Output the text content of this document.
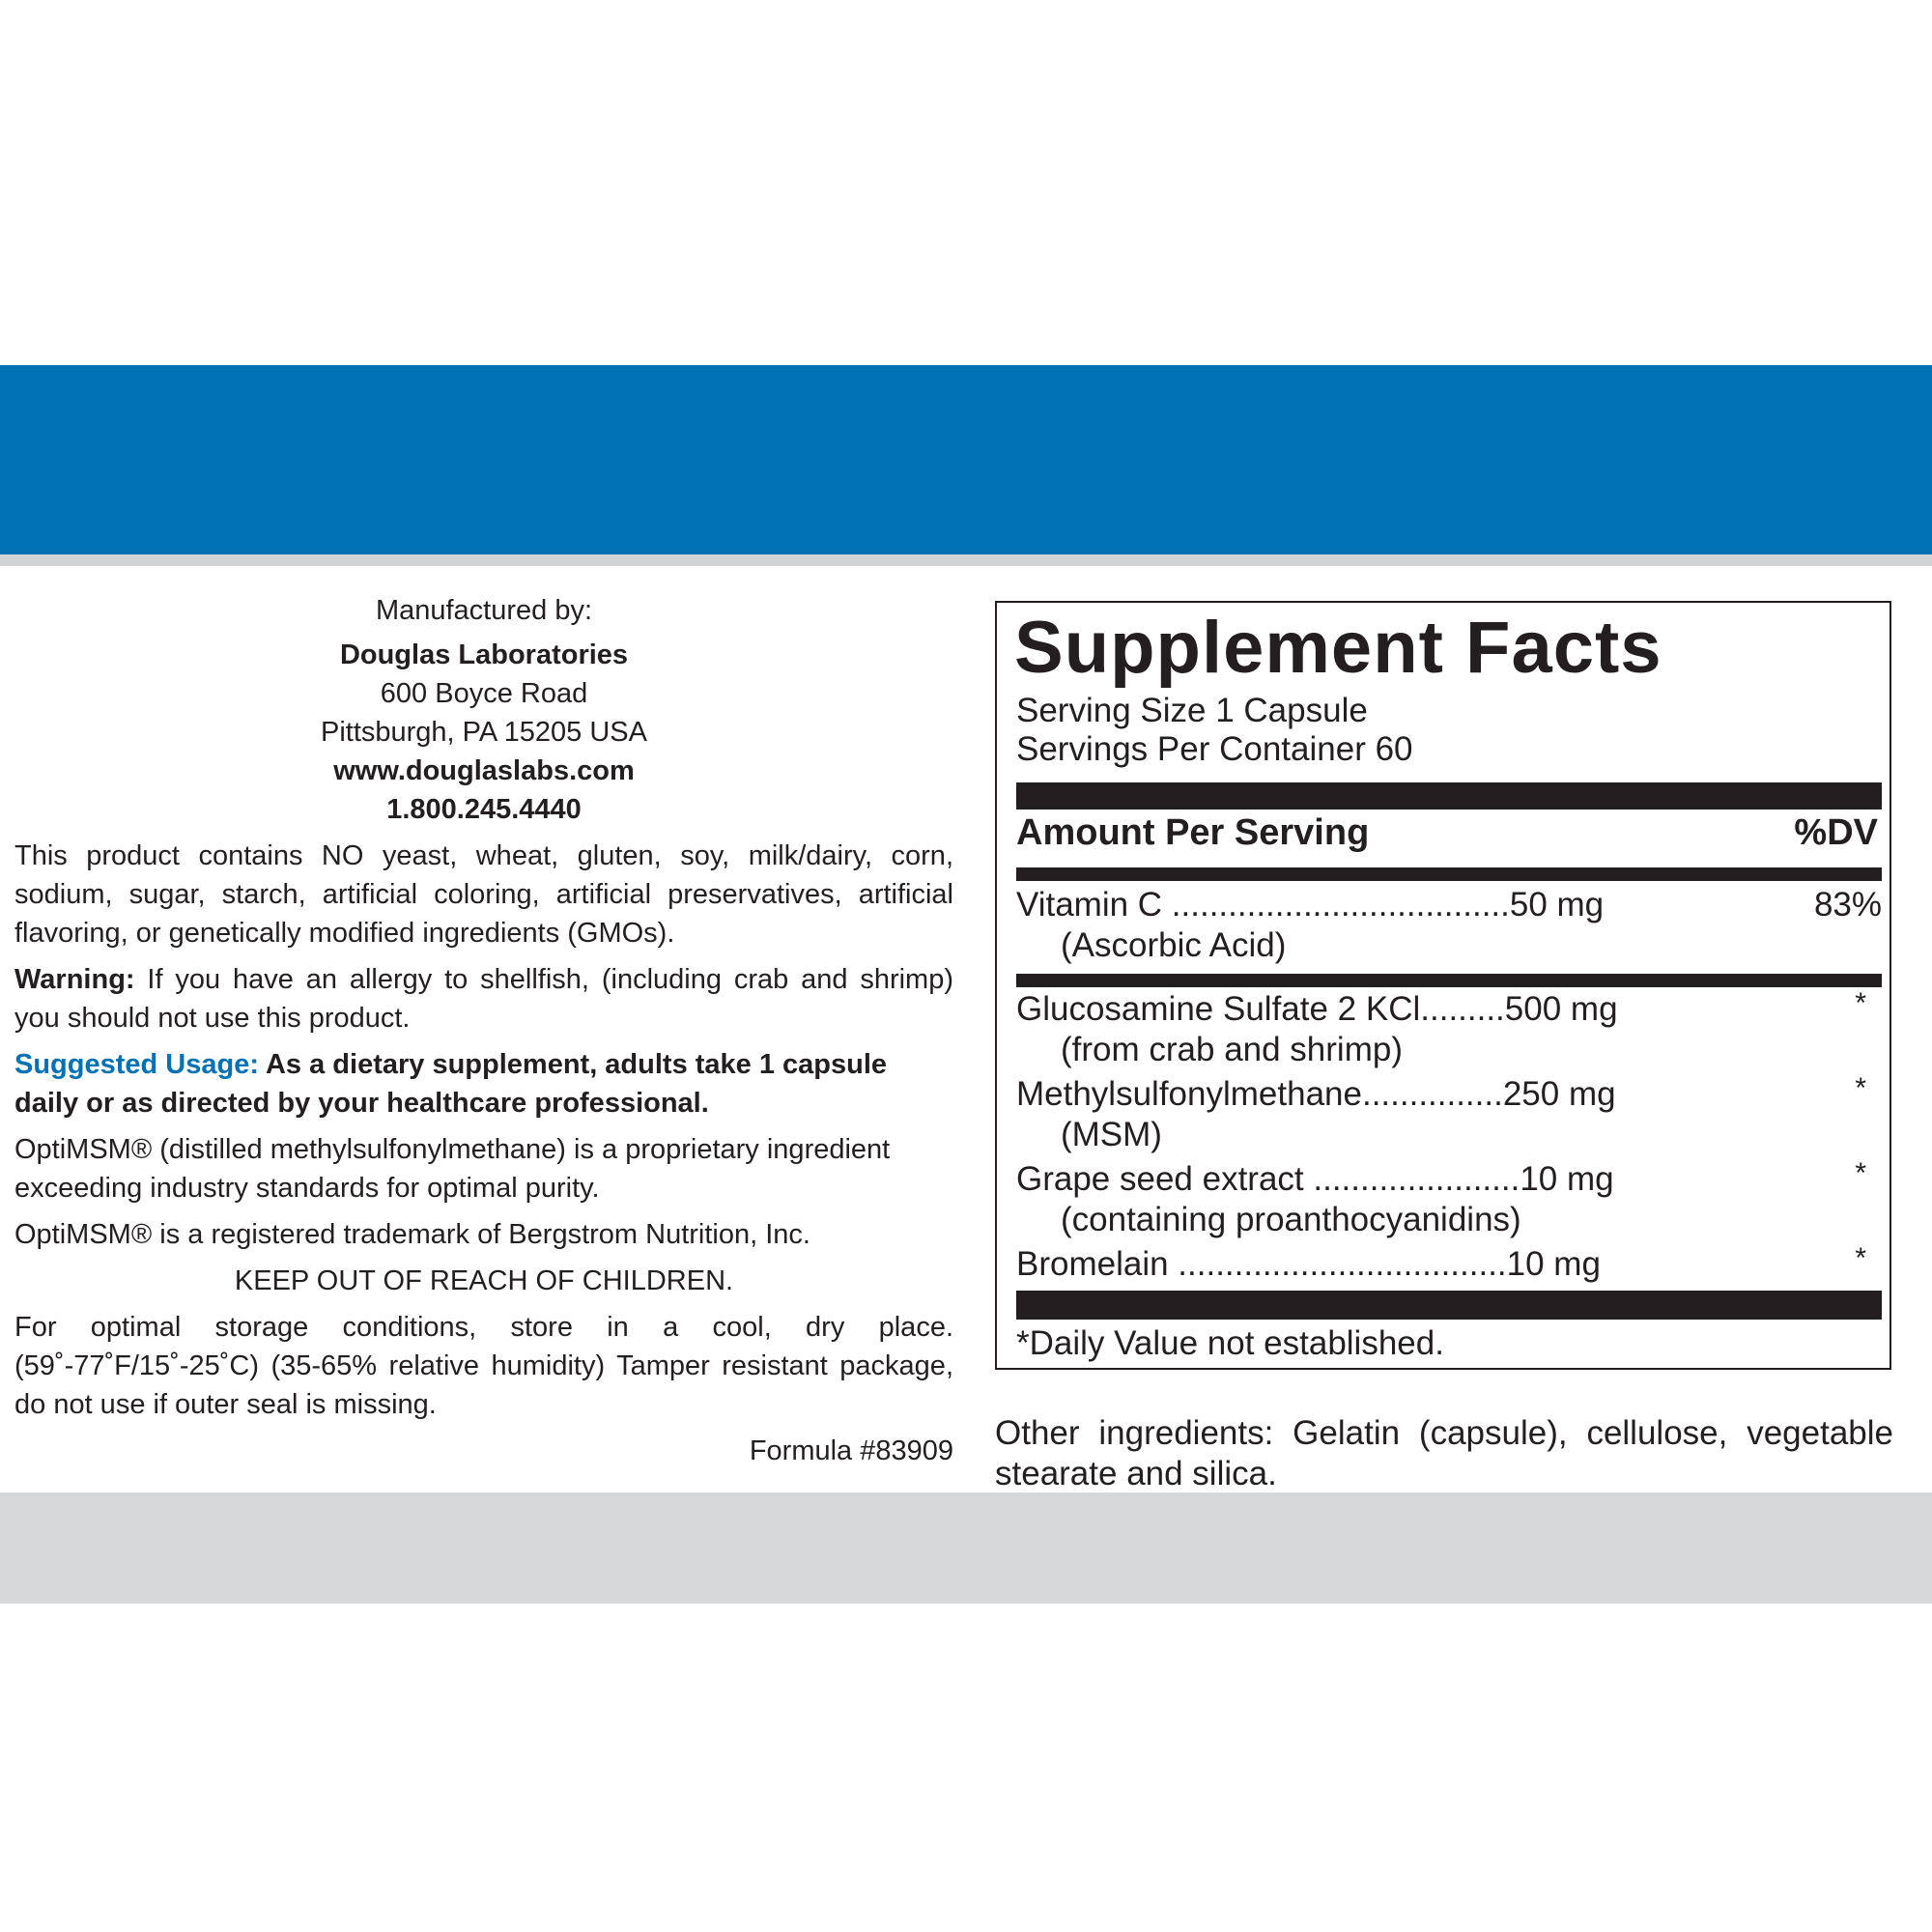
Manufactured by:

Douglas Laboratories

600 Boyce Road

Pittsburgh, PA 15205 USA

www.douglaslabs.com

1.800.245.4440

This product contains NO yeast, wheat, gluten, soy, milk/dairy, corn, sodium, sugar, starch, artificial coloring, artificial preservatives, artificial flavoring, or genetically modified ingredients (GMOs).

Warning: If you have an allergy to shellfish, (including crab and shrimp) you should not use this product.

Suggested Usage: As a dietary supplement, adults take 1 capsule daily or as directed by your healthcare professional.

OptiMSM® (distilled methylsulfonylmethane) is a proprietary ingredient exceeding industry standards for optimal purity.

OptiMSM® is a registered trademark of Bergstrom Nutrition, Inc.

KEEP OUT OF REACH OF CHILDREN.

For optimal storage conditions, store in a cool, dry place. (59˚-77˚F/15˚-25˚C) (35-65% relative humidity) Tamper resistant package, do not use if outer seal is missing.

Formula #83909

Supplement Facts
Serving Size 1 Capsule
Servings Per Container 60
Amount Per Serving	%DV
Vitamin C ....................................50 mg
(Ascorbic Acid)
83%
Glucosamine Sulfate 2 KCl.........500 mg
(from crab and shrimp)
*
Methylsulfonylmethane...............250 mg
(MSM)
*
Grape seed extract ......................10 mg
(containing proanthocyanidins)
*
Bromelain ...................................10 mg	*
*Daily Value not established.

Other ingredients: Gelatin (capsule), cellulose, vegetable stearate and silica.
